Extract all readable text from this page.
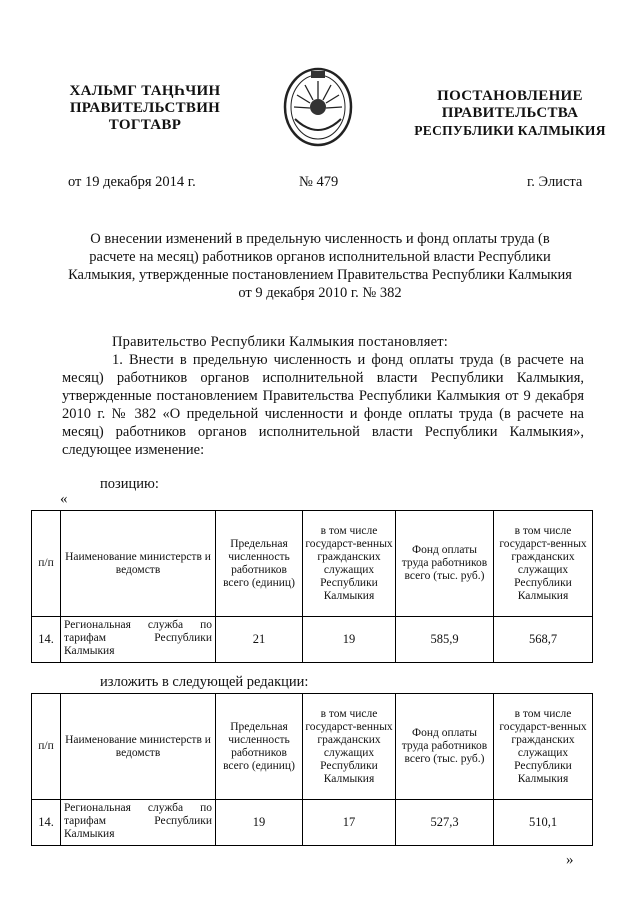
ХАЛЬМГ ТАҢҺЧИН
ПРАВИТЕЛЬСТВИН
ТОГТАВР
ПОСТАНОВЛЕНИЕ
ПРАВИТЕЛЬСТВА
РЕСПУБЛИКИ КАЛМЫКИЯ
от 19 декабря 2014 г.	№ 479	г. Элиста
О внесении изменений в предельную численность и фонд оплаты труда (в
расчете на месяц) работников органов исполнительной власти Республики
Калмыкия, утвержденные постановлением Правительства Республики Калмыкия
от 9 декабря 2010 г. № 382

Правительство Республики Калмыкия постановляет:

1. Внести в предельную численность и фонд оплаты труда (в расчете на месяц) работников органов исполнительной власти Республики Калмыкия, утвержденные постановлением Правительства Республики Калмыкия от 9 декабря 2010 г. № 382 «О предельной численности и фонде оплаты труда (в расчете на месяц) работников органов исполнительной власти Республики Калмыкия», следующее изменение:

позицию:
«
п/п	Наименование министерств и ведомств	Предельная численность работников всего (единиц)	в том числе государст-венных гражданских служащих Республики Калмыкия	Фонд оплаты труда работников всего (тыс. руб.)	в том числе государст-венных гражданских служащих Республики Калмыкия
14.	Региональная служба по тарифам Республики Калмыкия	21	19	585,9	568,7
изложить в следующей редакции:
п/п	Наименование министерств и ведомств	Предельная численность работников всего (единиц)	в том числе государст-венных гражданских служащих Республики Калмыкия	Фонд оплаты труда работников всего (тыс. руб.)	в том числе государст-венных гражданских служащих Республики Калмыкия
14.	Региональная служба по тарифам Республики Калмыкия	19	17	527,3	510,1
»
